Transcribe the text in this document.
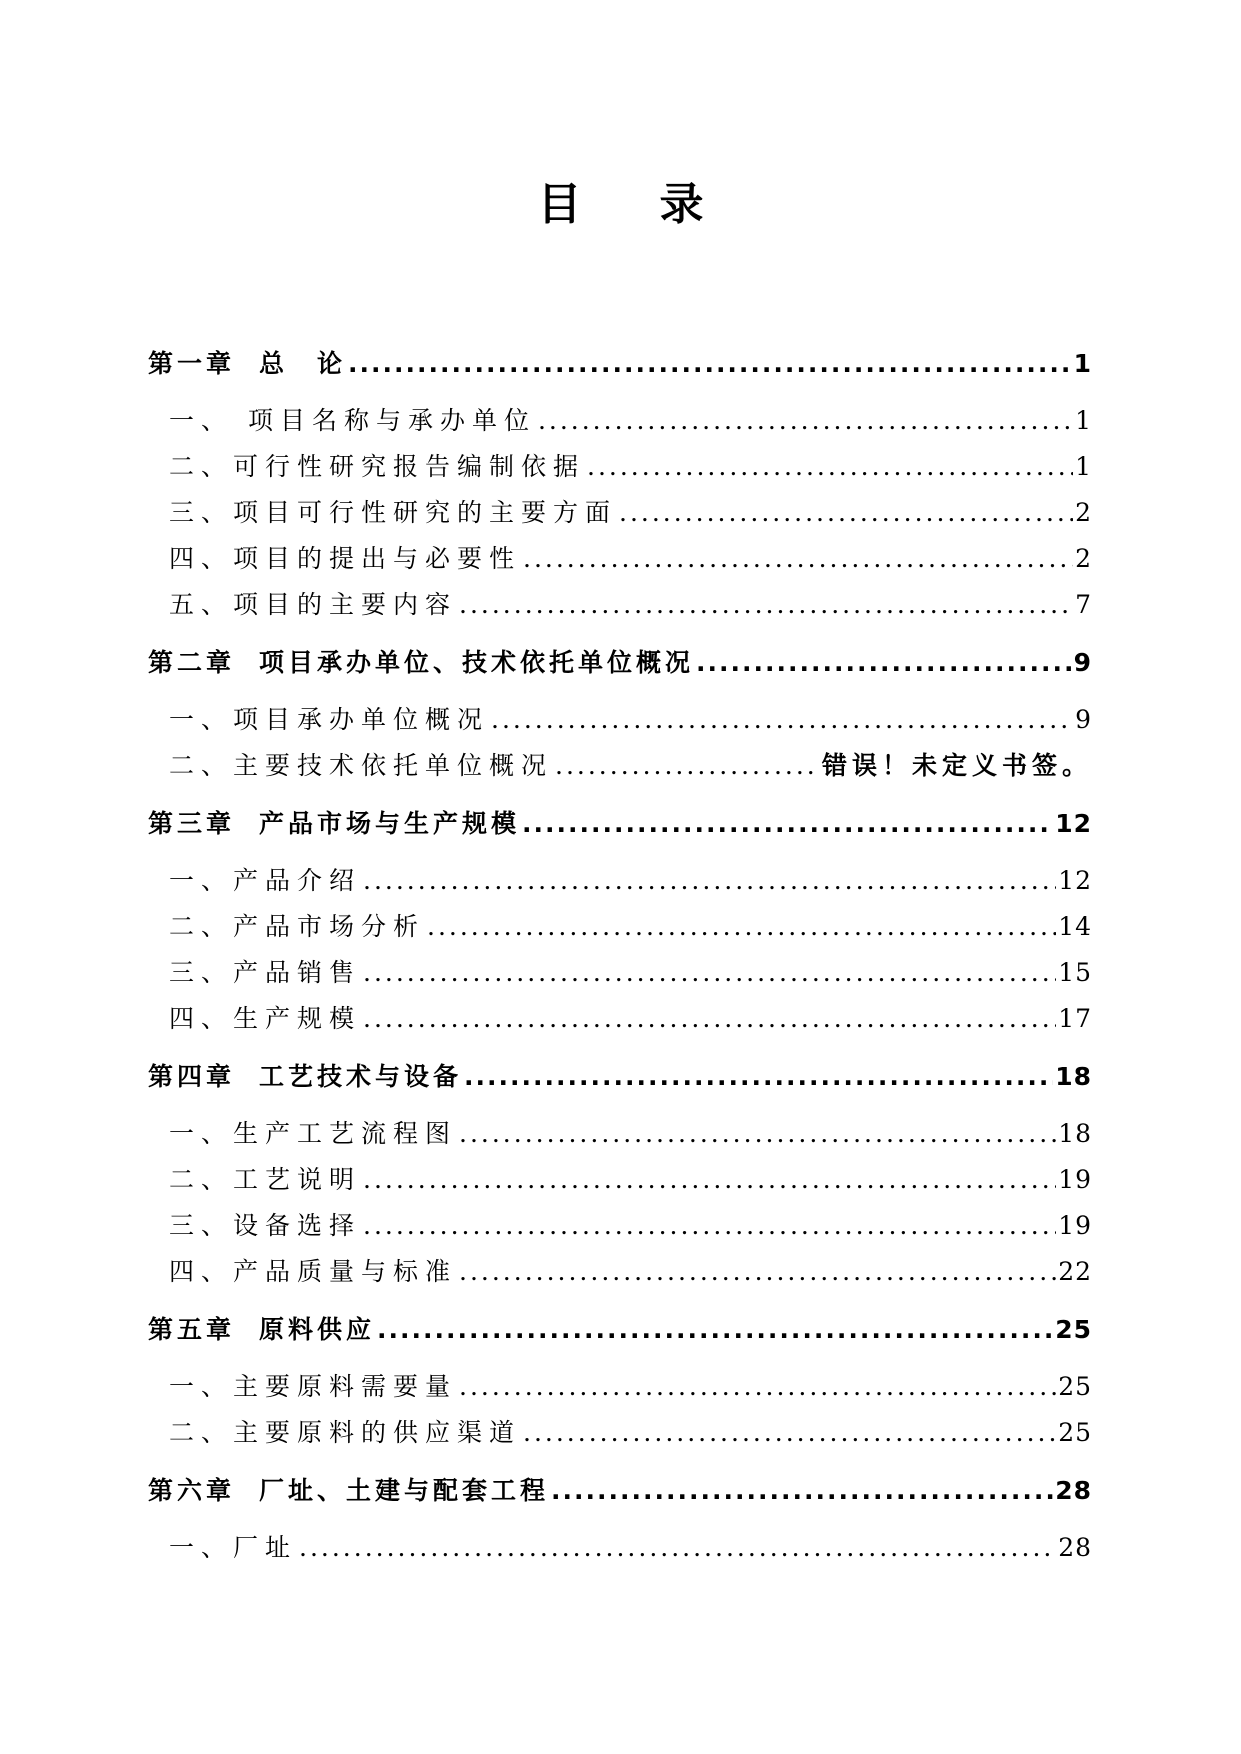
目 录
第一章 总　论 .....	1
一、 项目名称与承办单位 .....	1
二、可行性研究报告编制依据 .....	1
三、项目可行性研究的主要方面 .....	2
四、项目的提出与必要性 .....	2
五、项目的主要内容 .....	7
第二章 项目承办单位、技术依托单位概况 .....	9
一、项目承办单位概况 .....	9
二、主要技术依托单位概况 .....	错误！未定义书签。
第三章 产品市场与生产规模 .....	12
一、产品介绍 .....	12
二、产品市场分析 .....	14
三、产品销售 .....	15
四、生产规模 .....	17
第四章 工艺技术与设备 .....	18
一、生产工艺流程图 .....	18
二、工艺说明 .....	19
三、设备选择 .....	19
四、产品质量与标准 .....	22
第五章 原料供应 .....	25
一、主要原料需要量 .....	25
二、主要原料的供应渠道 .....	25
第六章 厂址、土建与配套工程 .....	28
一、厂址 .....	28
